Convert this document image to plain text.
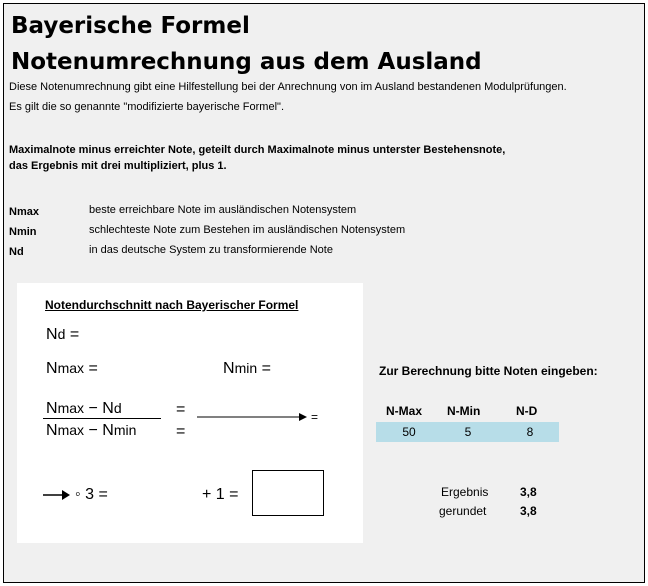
Bayerische Formel
Notenumrechnung aus dem Ausland
Diese Notenumrechnung gibt eine Hilfestellung bei der Anrechnung von im Ausland bestandenen Modulprüfungen.
Es gilt die so genannte "modifizierte bayerische Formel".
Maximalnote minus erreichter Note, geteilt durch Maximalnote minus unterster Bestehensnote,
das Ergebnis mit drei multipliziert, plus 1.
Nmax	beste erreichbare Note im ausländischen Notensystem
Nmin	schlechteste Note zum Bestehen im ausländischen Notensystem
Nd	in das deutsche System zu transformierende Note
Notendurchschnitt nach Bayerischer Formel
Nd =
Nmax =	Nmin =
Nmax − Nd
Nmax − Nmin
=
=
=
◦ 3 =	+ 1 =
Zur Berechnung bitte Noten eingeben:
N-Max N-Min	N-D
50	5	8
Ergebnis	3,8
gerundet	3,8
